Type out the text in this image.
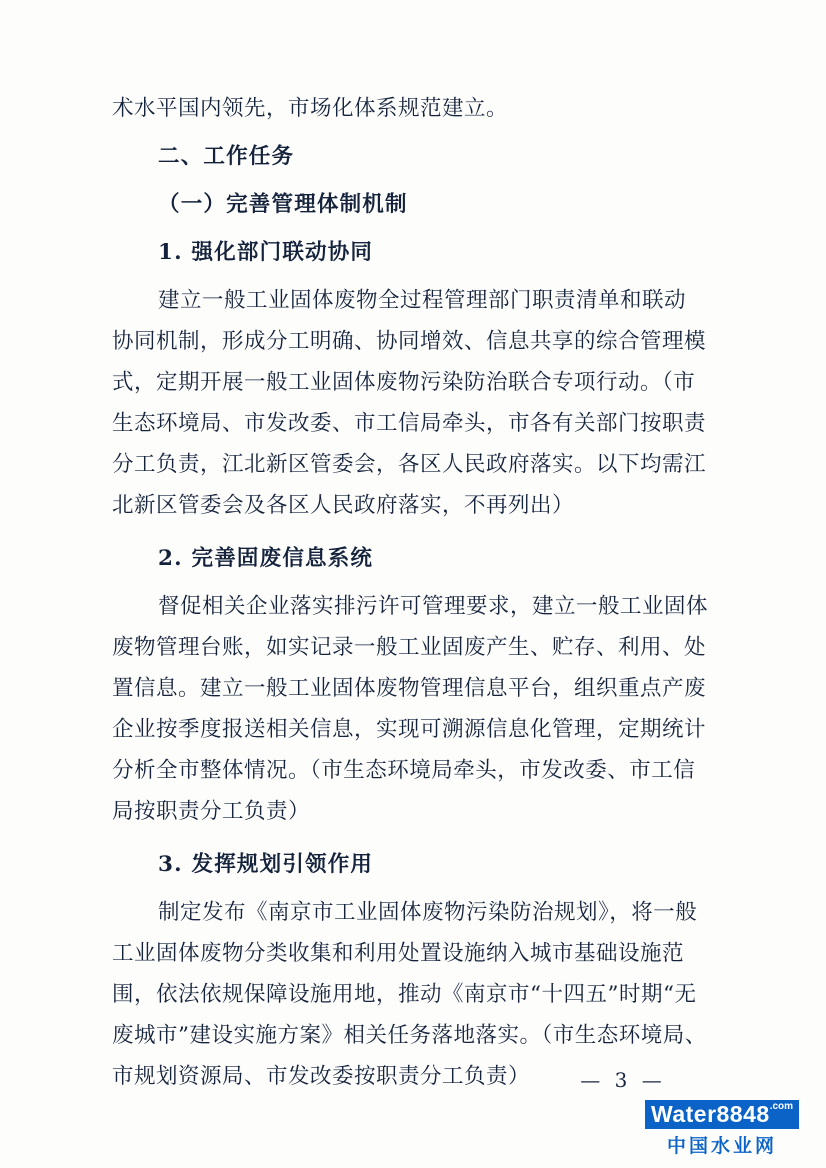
术水平国内领先，市场化体系规范建立。
二、工作任务
（一）完善管理体制机制
1. 强化部门联动协同
建立一般工业固体废物全过程管理部门职责清单和联动
协同机制，形成分工明确、协同增效、信息共享的综合管理模
式，定期开展一般工业固体废物污染防治联合专项行动。（市
生态环境局、市发改委、市工信局牵头，市各有关部门按职责
分工负责，江北新区管委会，各区人民政府落实。以下均需江
北新区管委会及各区人民政府落实，不再列出）
2. 完善固废信息系统
督促相关企业落实排污许可管理要求，建立一般工业固体
废物管理台账，如实记录一般工业固废产生、贮存、利用、处
置信息。建立一般工业固体废物管理信息平台，组织重点产废
企业按季度报送相关信息，实现可溯源信息化管理，定期统计
分析全市整体情况。（市生态环境局牵头，市发改委、市工信
局按职责分工负责）
3. 发挥规划引领作用
制定发布《南京市工业固体废物污染防治规划》，将一般
工业固体废物分类收集和利用处置设施纳入城市基础设施范
围，依法依规保障设施用地，推动《南京市“十四五”时期“无
废城市”建设实施方案》相关任务落地落实。（市生态环境局、
市规划资源局、市发改委按职责分工负责）	— 3 —
$Water8848^{.com}$
中国水业网
